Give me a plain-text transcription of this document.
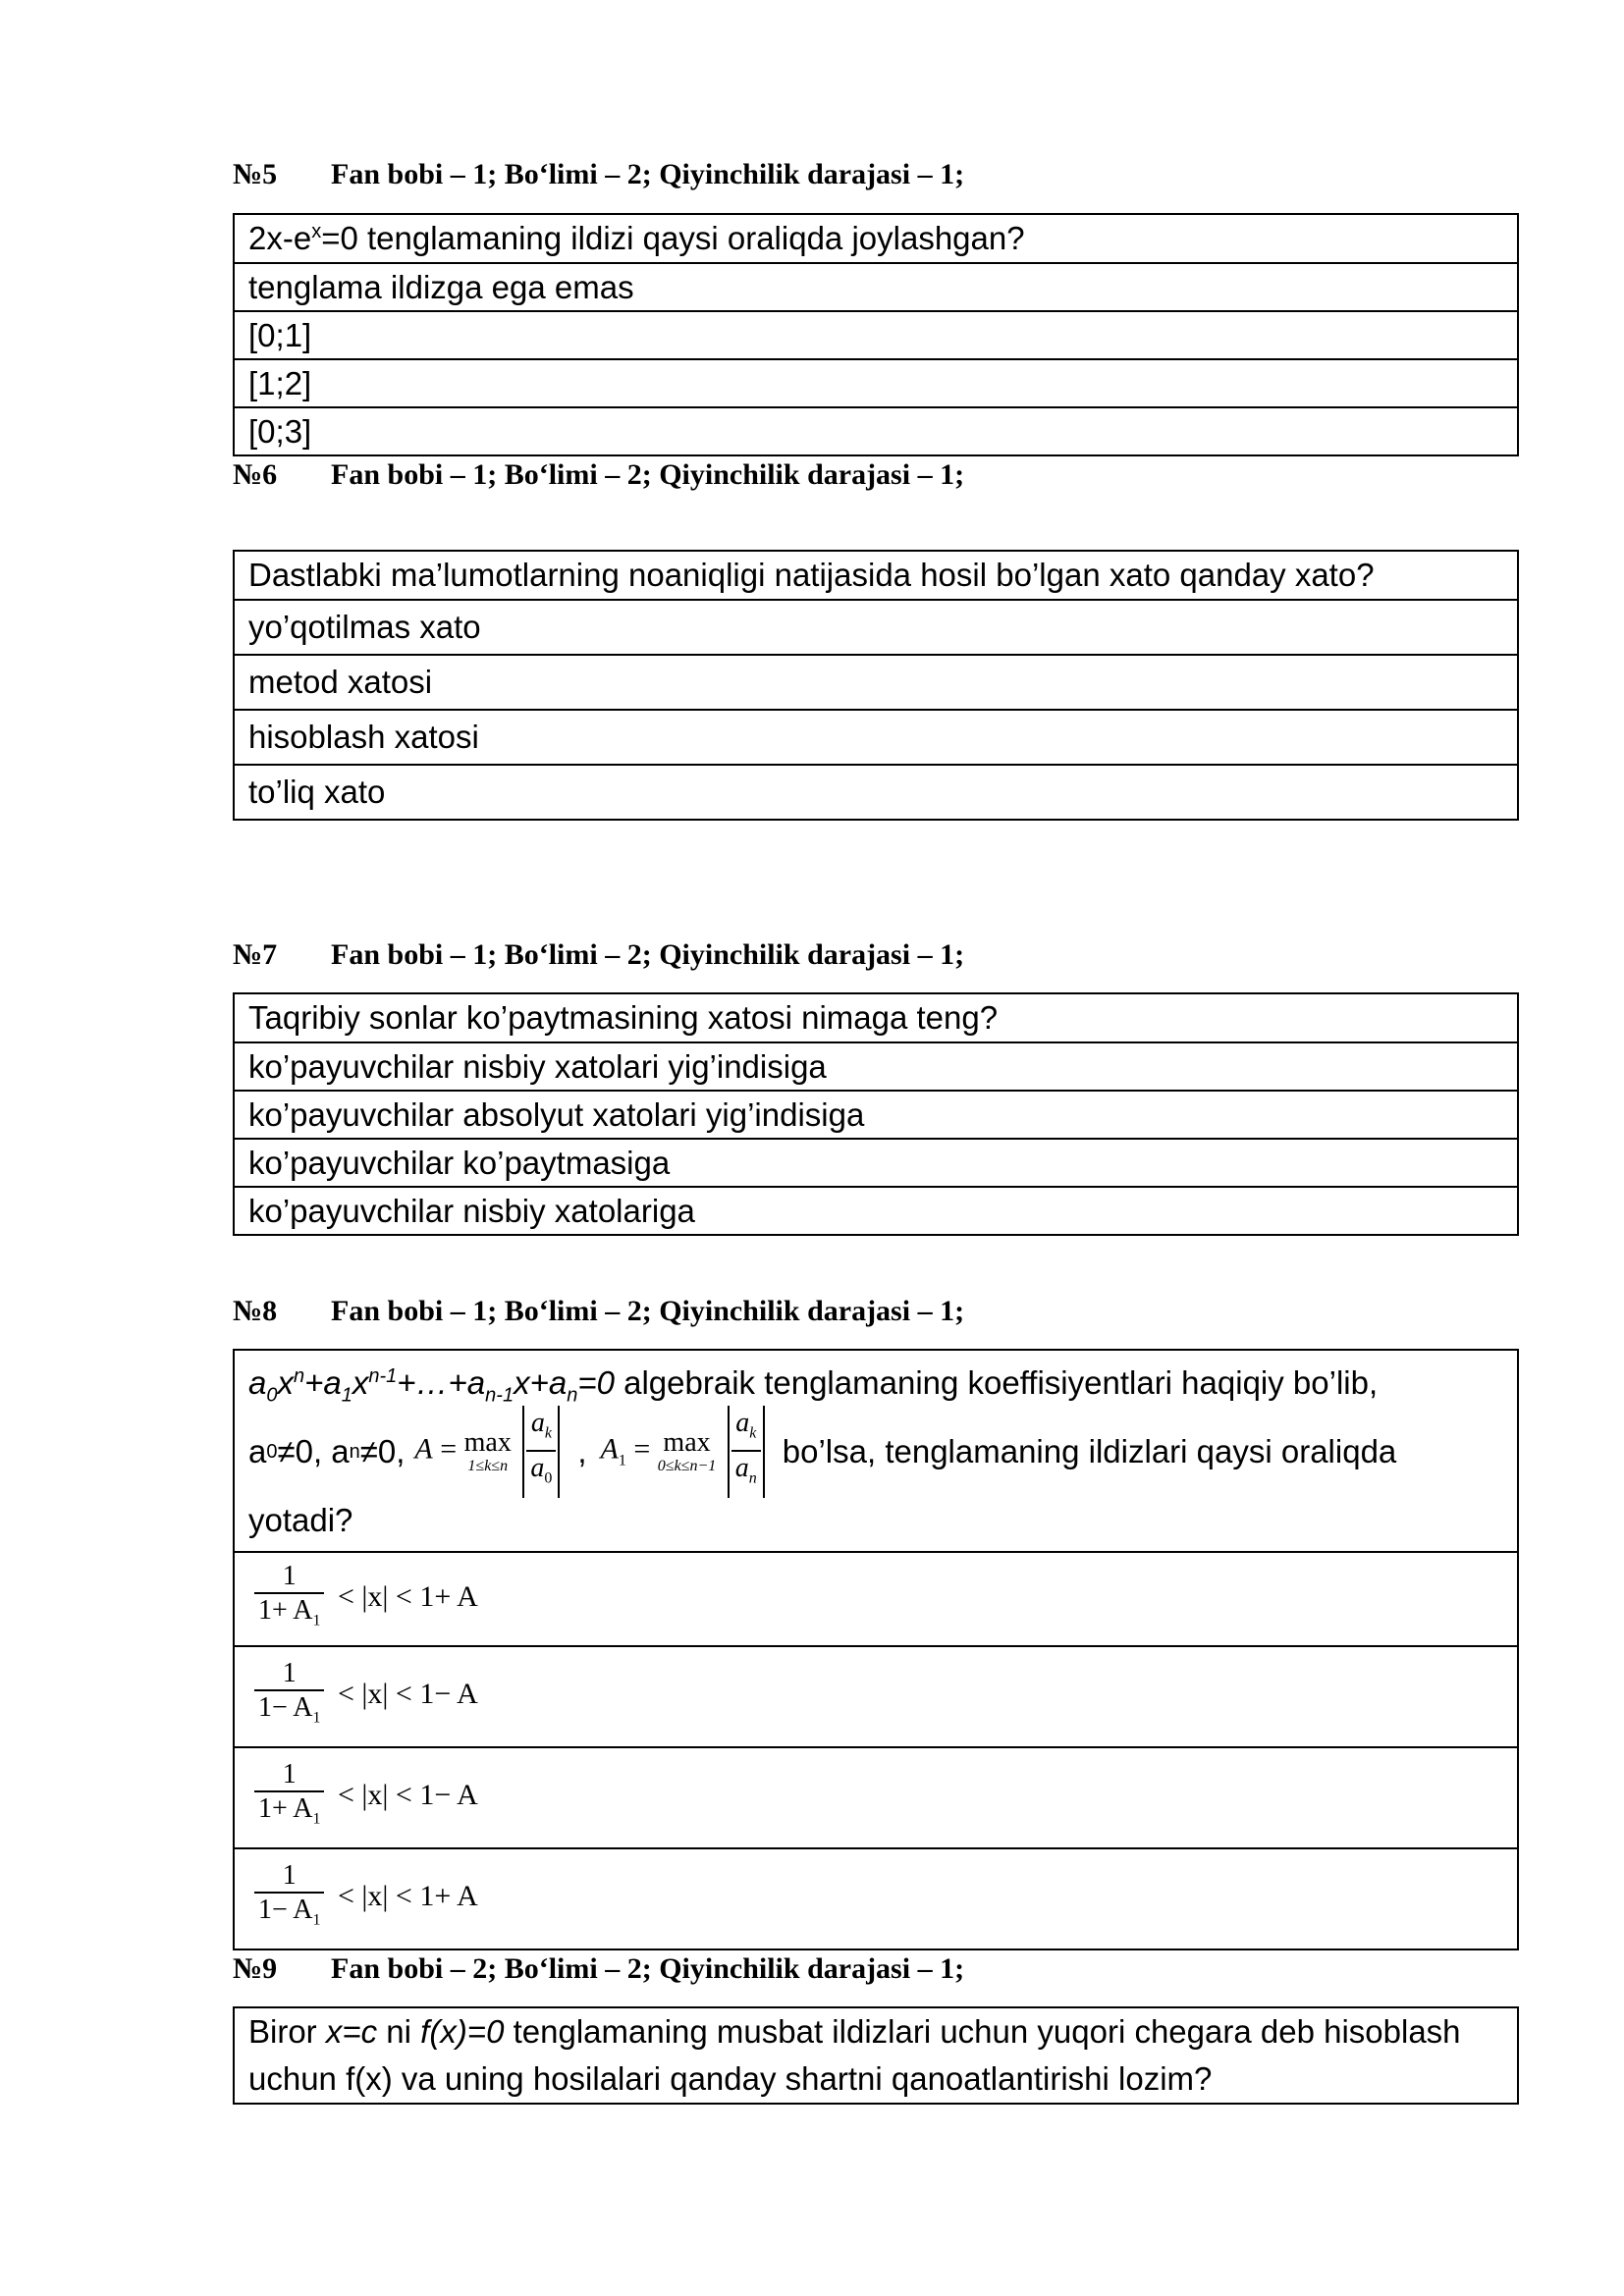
№5 Fan bobi – 1; Bo‘limi – 2; Qiyinchilik darajasi – 1;
$2x-e^x=0$ tenglamaning ildizi qaysi oraliqda joylashgan?
tenglama ildizga ega emas
[0;1]
[1;2]
[0;3]
№6 Fan bobi – 1; Bo‘limi – 2; Qiyinchilik darajasi – 1;
Dastlabki ma’lumotlarning noaniqligi natijasida hosil bo’lgan xato qanday xato?
yo’qotilmas xato
metod xatosi
hisoblash xatosi
to’liq xato
№7 Fan bobi – 1; Bo‘limi – 2; Qiyinchilik darajasi – 1;
Taqribiy sonlar ko’paytmasining xatosi nimaga teng?
ko’payuvchilar nisbiy xatolari yig’indisiga
ko’payuvchilar absolyut xatolari yig’indisiga
ko’payuvchilar ko’paytmasiga
ko’payuvchilar nisbiy xatolariga
№8 Fan bobi – 1; Bo‘limi – 2; Qiyinchilik darajasi – 1;
$a_0x^n+a_1x^{n-1}+\dots+a_{n-1}x+a_n=0$ algebraik tenglamaning koeffisiyentlari haqiqiy bo’lib,
a 0 ≠0, a n ≠0, A = max
1≤k≤n
$\frac{a_k}{a_0}$ , $A_1 = \max$
0≤k≤n−1
$\frac{a_k}{a_n}$ bo’lsa, tenglamaning ildizlari qaysi oraliqda
yotadi?

$\frac{1}{1+ A_1} < |x| < 1+ A$

$\frac{1}{1- A_1} < |x| < 1- A$

$\frac{1}{1+ A_1} < |x| < 1- A$

$\frac{1}{1- A_1} < |x| < 1+ A$
№9 Fan bobi – 2; Bo‘limi – 2; Qiyinchilik darajasi – 1;
Biror x=c ni f(x)=0 tenglamaning musbat ildizlari uchun yuqori chegara deb hisoblash uchun f(x) va uning hosilalari qanday shartni qanoatlantirishi lozim?
